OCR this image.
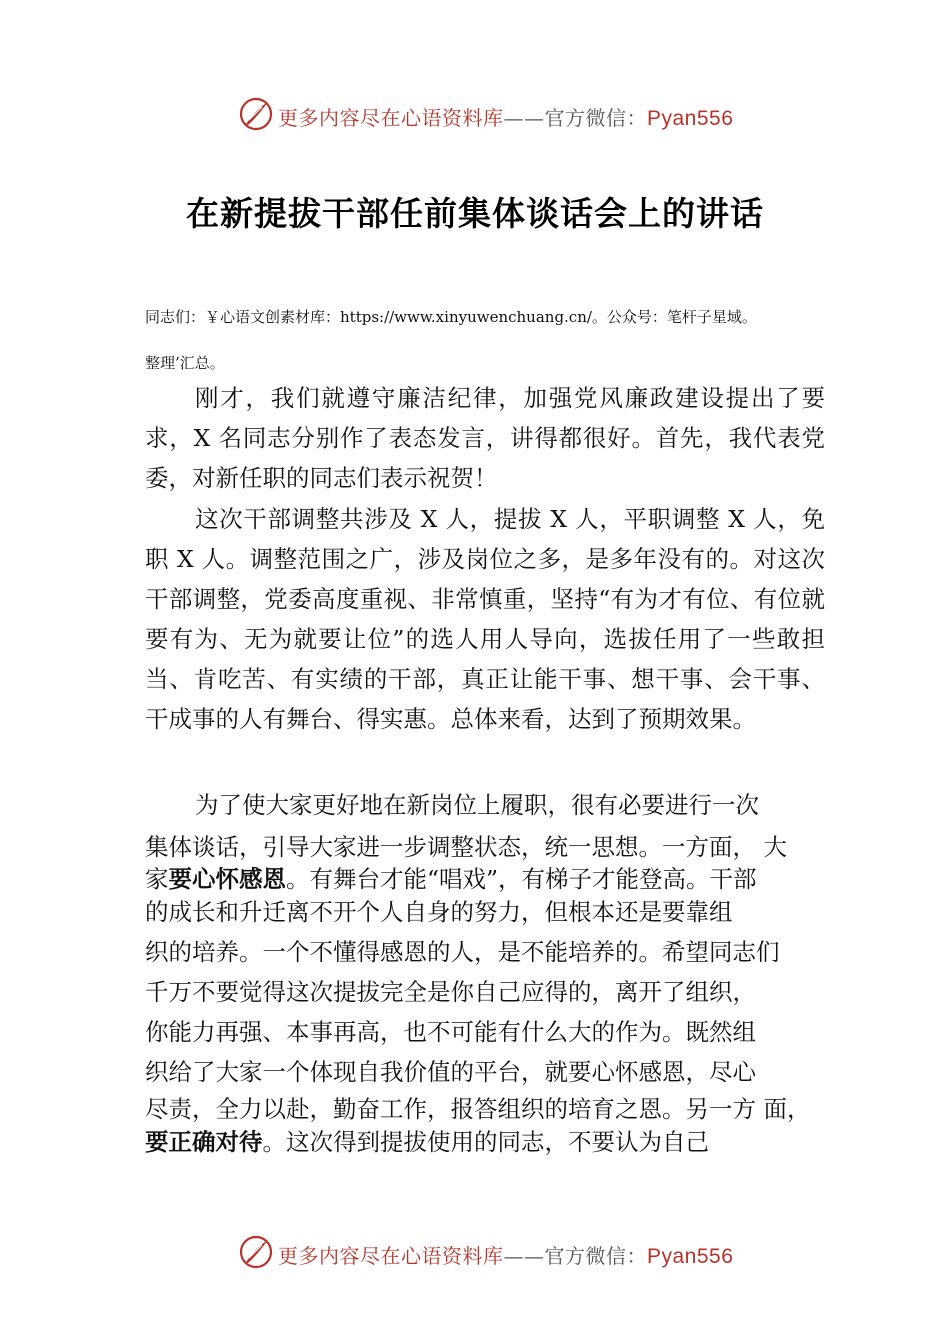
更多内容尽在心语资料库——官方微信：Pyan556
在新提拔干部任前集体谈话会上的讲话
同志们：￥心语文创素材库：https://www.xinyuwenchuang.cn/。公众号：笔杆子星域。
整理’汇总。
刚才，我们就遵守廉洁纪律，加强党风廉政建设提出了要求，X 名同志分别作了表态发言，讲得都很好。首先，我代表党委，对新任职的同志们表示祝贺！
这次干部调整共涉及 X 人，提拔 X 人，平职调整 X 人，免职 X 人。调整范围之广，涉及岗位之多，是多年没有的。对这次干部调整，党委高度重视、非常慎重，坚持“有为才有位、有位就要有为、无为就要让位”的选人用人导向，选拔任用了一些敢担当、肯吃苦、有实绩的干部，真正让能干事、想干事、会干事、干成事的人有舞台、得实惠。总体来看，达到了预期效果。
为了使大家更好地在新岗位上履职，很有必要进行一次
集体谈话，引导大家进一步调整状态，统一思想。一方面， 大
家要心怀感恩。有舞台才能“唱戏”，有梯子才能登高。干部
的成长和升迁离不开个人自身的努力，但根本还是要靠组
织的培养。一个不懂得感恩的人，是不能培养的。希望同志们
千万不要觉得这次提拔完全是你自己应得的，离开了组织，
你能力再强、本事再高，也不可能有什么大的作为。既然组
织给了大家一个体现自我价值的平台，就要心怀感恩，尽心
尽责，全力以赴，勤奋工作，报答组织的培育之恩。另一方 面，
要正确对待。这次得到提拔使用的同志，不要认为自己
更多内容尽在心语资料库——官方微信：Pyan556
